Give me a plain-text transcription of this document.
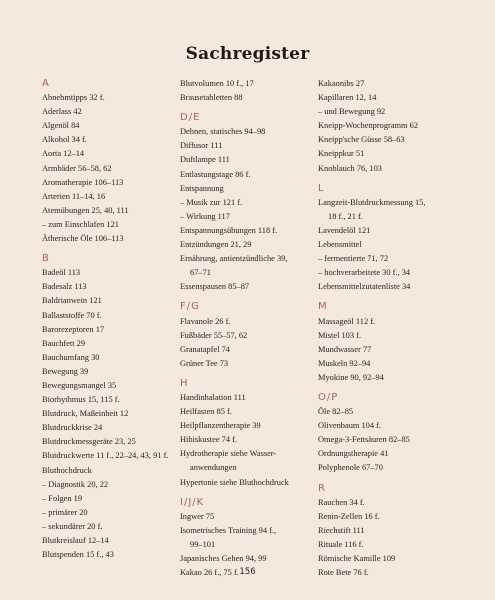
Sachregister
A
Abnehmtipps 32 f.
Aderlass 42
Algenöl 84
Alkohol 34 f.
Aorta 12–14
Armbäder 56–58, 62
Aromatherapie 106–113
Arterien 11–14, 16
Atemübungen 25, 40, 111
– zum Einschlafen 121
Ätherische Öle 106–113
B
Badeöl 113
Badesalz 113
Baldrianwein 121
Ballaststoffe 70 f.
Barorezeptoren 17
Bauchfett 29
Bauchumfang 30
Bewegung 39
Bewegungsmangel 35
Biorhythmus 15, 115 f.
Blutdruck, Maßeinheit 12
Blutdruckkrise 24
Blutdruckmessgeräte 23, 25
Blutdruckwerte 11 f., 22–24, 43, 91 f.
Bluthochdruck
– Diagnostik 20, 22
– Folgen 19
– primärer 20
– sekundärer 20 f.
Blutkreislauf 12–14
Blutspenden 15 f., 43
Blutvolumen 10 f., 17
Brausetabletten 88
D/E
Dehnen, statisches 94–98
Diffusor 111
Duftlampe 111
Entlastungstage 86 f.
Entspannung
– Musik zur 121 f.
– Wirkung 117
Entspannungsübungen 118 f.
Entzündungen 21, 29
Ernährung, antientzündliche 39,
67–71
Essenspausen 85–87
F/G
Flavanole 26 f.
Fußbäder 55–57, 62
Granatapfel 74
Grüner Tee 73
H
Handinhalation 111
Heilfasten 85 f.
Heilpflanzentherapie 39
Hibiskustee 74 f.
Hydrotherapie siehe Wasser-
anwendungen
Hypertonie siehe Bluthochdruck
I/J/K
Ingwer 75
Isometrisches Training 94 f.,
99–101
Japanisches Gehen 94, 99
Kakao 26 f., 75 f.
Kakaonibs 27
Kapillaren 12, 14
– und Bewegung 92
Kneipp-Wochenprogramm 62
Kneipp'sche Güsse 58–63
Kneippkur 51
Knoblauch 76, 103
L
Langzeit-Blutdruckmessung 15,
18 f., 21 f.
Lavendelöl 121
Lebensmittel
– fermentierte 71, 72
– hochverarbeitete 30 f., 34
Lebensmittelzutatenliste 34
M
Massageöl 112 f.
Mistel 103 f.
Mundwasser 77
Muskeln 92–94
Myokine 90, 92–94
O/P
Öle 82–85
Olivenbaum 104 f.
Omega-3-Fettsäuren 82–85
Ordnungstherapie 41
Polyphenole 67–70
R
Rauchen 34 f.
Renin-Zellen 16 f.
Riechstift 111
Rituale 116 f.
Römische Kamille 109
Rote Bete 76 f.
156
